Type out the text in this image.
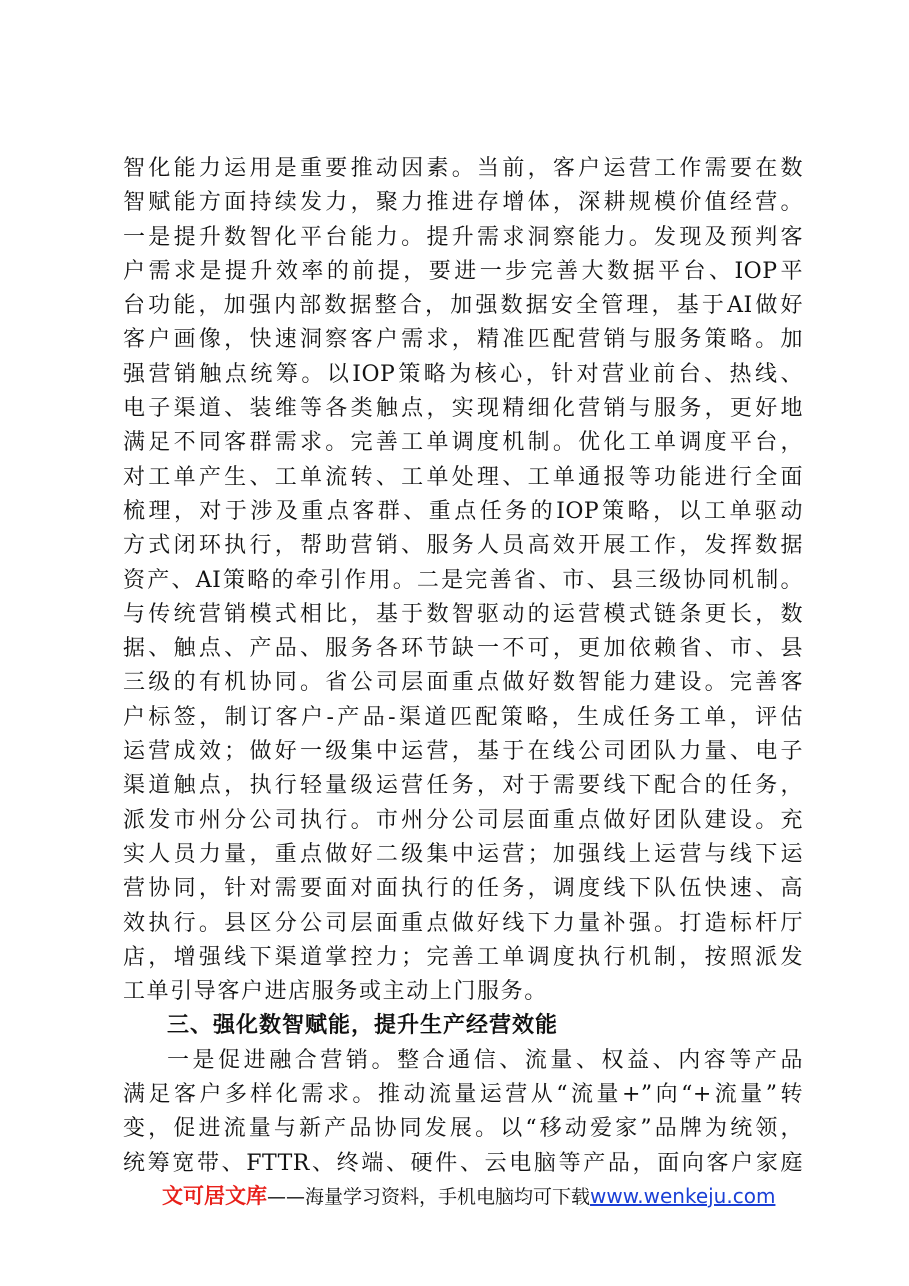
智化能力运用是重要推动因素。当前，客户运营工作需要在数
智赋能方面持续发力，聚力推进存增体，深耕规模价值经营。
一是提升数智化平台能力。提升需求洞察能力。发现及预判客
户需求是提升效率的前提，要进一步完善大数据平台、IOP平
台功能，加强内部数据整合，加强数据安全管理，基于AI做好
客户画像，快速洞察客户需求，精准匹配营销与服务策略。加
强营销触点统筹。以IOP策略为核心，针对营业前台、热线、
电子渠道、装维等各类触点，实现精细化营销与服务，更好地
满足不同客群需求。完善工单调度机制。优化工单调度平台，
对工单产生、工单流转、工单处理、工单通报等功能进行全面
梳理，对于涉及重点客群、重点任务的IOP策略，以工单驱动
方式闭环执行，帮助营销、服务人员高效开展工作，发挥数据
资产、AI策略的牵引作用。二是完善省、市、县三级协同机制。
与传统营销模式相比，基于数智驱动的运营模式链条更长，数
据、触点、产品、服务各环节缺一不可，更加依赖省、市、县
三级的有机协同。省公司层面重点做好数智能力建设。完善客
户标签，制订客户-产品-渠道匹配策略，生成任务工单，评估
运营成效；做好一级集中运营，基于在线公司团队力量、电子
渠道触点，执行轻量级运营任务，对于需要线下配合的任务，
派发市州分公司执行。市州分公司层面重点做好团队建设。充
实人员力量，重点做好二级集中运营；加强线上运营与线下运
营协同，针对需要面对面执行的任务，调度线下队伍快速、高
效执行。县区分公司层面重点做好线下力量补强。打造标杆厅
店，增强线下渠道掌控力；完善工单调度执行机制，按照派发
工单引导客户进店服务或主动上门服务。
三、强化数智赋能，提升生产经营效能
一是促进融合营销。整合通信、流量、权益、内容等产品
满足客户多样化需求。推动流量运营从“流量+”向“+流量”转
变，促进流量与新产品协同发展。以“移动爱家”品牌为统领，
统筹宽带、FTTR、终端、硬件、云电脑等产品，面向客户家庭
文可居文库——海量学习资料，手机电脑均可下载www.wenkeju.com
